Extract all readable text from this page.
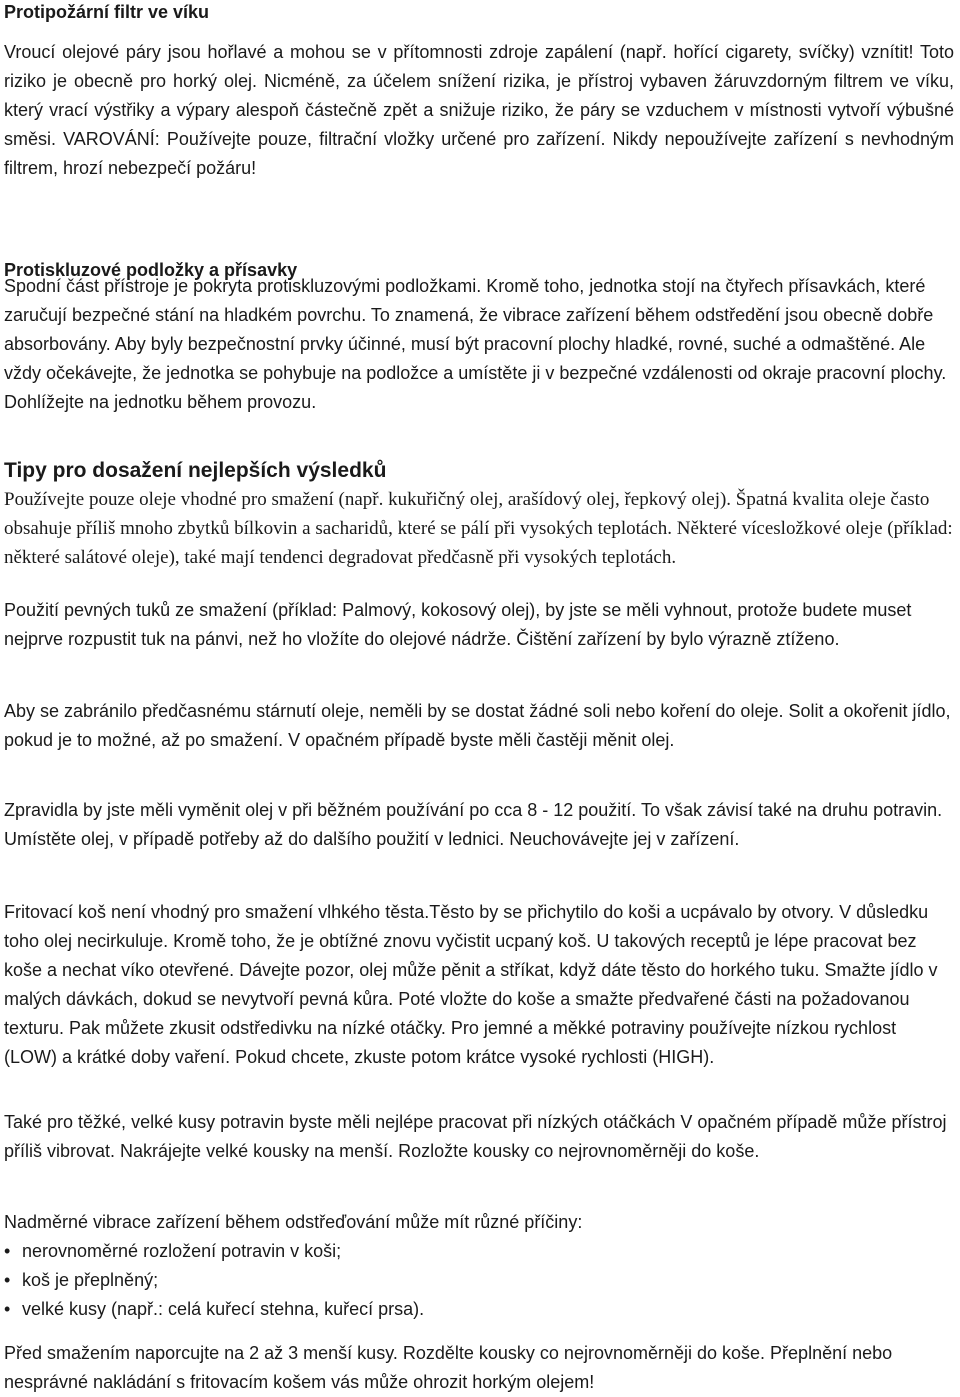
Protipožární filtr ve víku

Vroucí olejové páry jsou hořlavé a mohou se v přítomnosti zdroje zapálení (např. hořící cigarety, svíčky) vznítit! Toto riziko je obecně pro horký olej. Nicméně, za účelem snížení rizika, je přístroj vybaven žáruvzdorným filtrem ve víku, který vrací výstřiky a výpary alespoň částečně zpět a snižuje riziko, že páry se vzduchem v místnosti vytvoří výbušné směsi. VAROVÁNÍ: Používejte pouze, filtrační vložky určené pro zařízení. Nikdy nepoužívejte zařízení s nevhodným filtrem, hrozí nebezpečí požáru!

Protiskluzové podložky a přísavky

Spodní část přístroje je pokryta protiskluzovými podložkami. Kromě toho, jednotka stojí na čtyřech přísavkách, které zaručují bezpečné stání na hladkém povrchu. To znamená, že vibrace zařízení během odstředění jsou obecně dobře absorbovány. Aby byly bezpečnostní prvky účinné, musí být pracovní plochy hladké, rovné, suché a odmaštěné. Ale vždy očekávejte, že jednotka se pohybuje na podložce a umístěte ji v bezpečné vzdálenosti od okraje pracovní plochy. Dohlížejte na jednotku během provozu.

Tipy pro dosažení nejlepších výsledků

Používejte pouze oleje vhodné pro smažení (např. kukuřičný olej, arašídový olej, řepkový olej). Špatná kvalita oleje často obsahuje příliš mnoho zbytků bílkovin a sacharidů, které se pálí při vysokých teplotách. Některé vícesložkové oleje (příklad: některé salátové oleje), také mají tendenci degradovat předčasně při vysokých teplotách.

Použití pevných tuků ze smažení (příklad: Palmový, kokosový olej), by jste se měli vyhnout, protože budete muset nejprve rozpustit tuk na pánvi, než ho vložíte do olejové nádrže. Čištění zařízení by bylo výrazně ztíženo.

Aby se zabránilo předčasnému stárnutí oleje, neměli by se dostat žádné soli nebo koření do oleje. Solit a okořenit jídlo, pokud je to možné, až po smažení. V opačném případě byste měli častěji měnit olej.

Zpravidla by jste měli vyměnit olej v při běžném používání po cca 8 - 12 použití. To však závisí také na druhu potravin. Umístěte olej, v případě potřeby až do dalšího použití v lednici. Neuchovávejte jej v zařízení.

Fritovací koš není vhodný pro smažení vlhkého těsta.Těsto by se přichytilo do koši a ucpávalo by otvory. V důsledku toho olej necirkuluje. Kromě toho, že je obtížné znovu vyčistit ucpaný koš. U takových receptů je lépe pracovat bez koše a nechat víko otevřené. Dávejte pozor, olej může pěnit a stříkat, když dáte těsto do horkého tuku. Smažte jídlo v malých dávkách, dokud se nevytvoří pevná kůra. Poté vložte do koše a smažte předvařené části na požadovanou texturu. Pak můžete zkusit odstředivku na nízké otáčky. Pro jemné a měkké potraviny používejte nízkou rychlost (LOW) a krátké doby vaření. Pokud chcete, zkuste potom krátce vysoké rychlosti (HIGH).

Také pro těžké, velké kusy potravin byste měli nejlépe pracovat při nízkých otáčkách V opačném případě může přístroj příliš vibrovat. Nakrájejte velké kousky na menší. Rozložte kousky co nejrovnoměrněji do koše.

Nadměrné vibrace zařízení během odstřeďování může mít různé příčiny:

• nerovnoměrné rozložení potravin v koši;
• koš je přeplněný;
• velké kusy (např.: celá kuřecí stehna, kuřecí prsa).

Před smažením naporcujte na 2 až 3 menší kusy. Rozdělte kousky co nejrovnoměrněji do koše. Přeplnění nebo nesprávné nakládání s fritovacím košem vás může ohrozit horkým olejem!
